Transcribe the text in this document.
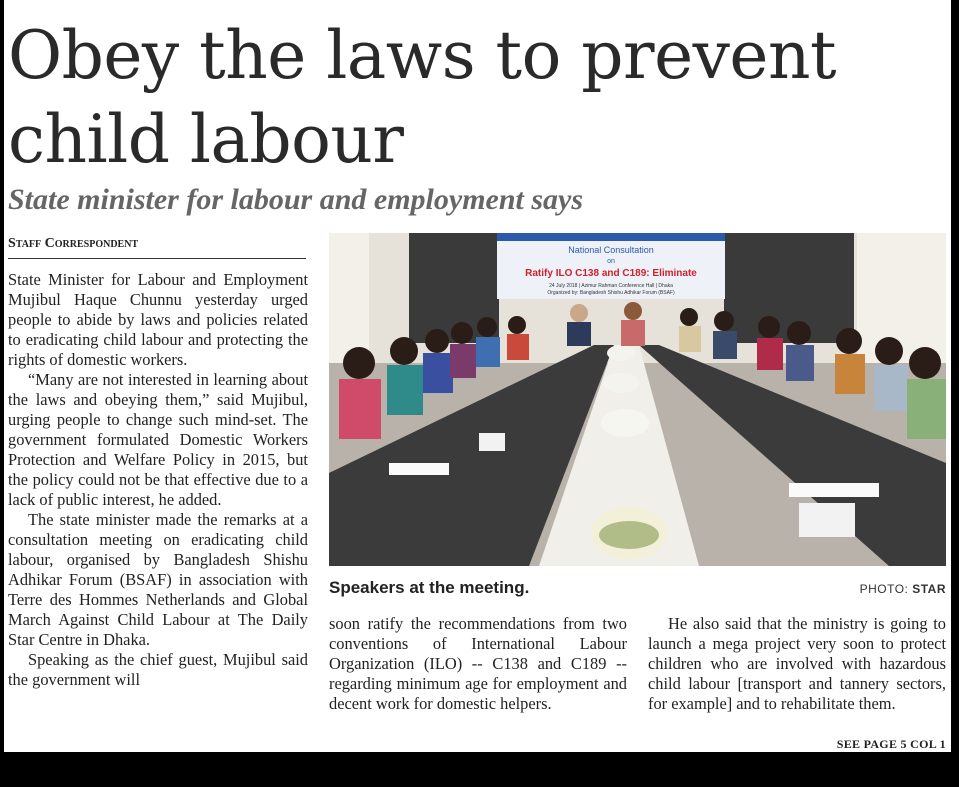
Obey the laws to prevent
child labour
State minister for labour and employment says
Staff Correspondent

State Minister for Labour and Employment Mujibul Haque Chunnu yesterday urged people to abide by laws and policies related to eradicating child labour and protecting the rights of domestic workers.

“Many are not interested in learning about the laws and obeying them,” said Mujibul, urging people to change such mind-set. The government formulated Domestic Workers Protection and Welfare Policy in 2015, but the policy could not be that effective due to a lack of public interest, he added.

The state minister made the remarks at a consultation meeting on eradicating child labour, organised by Bangladesh Shishu Adhikar Forum (BSAF) in association with Terre des Hommes Netherlands and Global March Against Child Labour at The Daily Star Centre in Dhaka.

Speaking as the chief guest, Mujibul said the government will

National Consultation
on
Ratify ILO C138 and C189: Eliminate
24 July 2018 | Azimur Rahman Conference Hall | Dhaka
Organized by: Bangladesh Shishu Adhikar Forum (BSAF)
Speakers at the meeting.	PHOTO: STAR

soon ratify the recommendations from two conventions of International Labour Organization (ILO) -- C138 and C189 -- regarding minimum age for employment and decent work for domestic helpers.

He also said that the ministry is going to launch a mega project very soon to protect children who are involved with hazardous child labour [transport and tannery sectors, for example] and to rehabilitate them.

SEE PAGE 5 COL 1
